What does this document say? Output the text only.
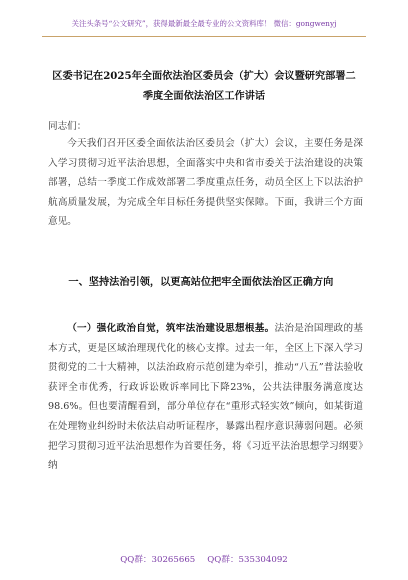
关注头条号“公文研究”，获得最新最全最专业的公文资料库！ 微信：gongwenyj
区委书记在2025年全面依法治区委员会（扩大）会议暨研究部署二季度全面依法治区工作讲话
同志们：

今天我们召开区委全面依法治区委员会（扩大）会议，主要任务是深入学习贯彻习近平法治思想，全面落实中央和省市委关于法治建设的决策部署，总结一季度工作成效部署二季度重点任务，动员全区上下以法治护航高质量发展，为完成全年目标任务提供坚实保障。下面，我讲三个方面意见。

一、坚持法治引领，以更高站位把牢全面依法治区正确方向

（一）强化政治自觉，筑牢法治建设思想根基。法治是治国理政的基本方式，更是区域治理现代化的核心支撑。过去一年，全区上下深入学习贯彻党的二十大精神，以法治政府示范创建为牵引，推动“八五”普法验收获评全市优秀，行政诉讼败诉率同比下降23%，公共法律服务满意度达98.6%。但也要清醒看到，部分单位存在“重形式轻实效”倾向，如某街道在处理物业纠纷时未依法启动听证程序，暴露出程序意识薄弱问题。必须把学习贯彻习近平法治思想作为首要任务，将《习近平法治思想学习纲要》纳

QQ群：30265665 QQ群：535304092
